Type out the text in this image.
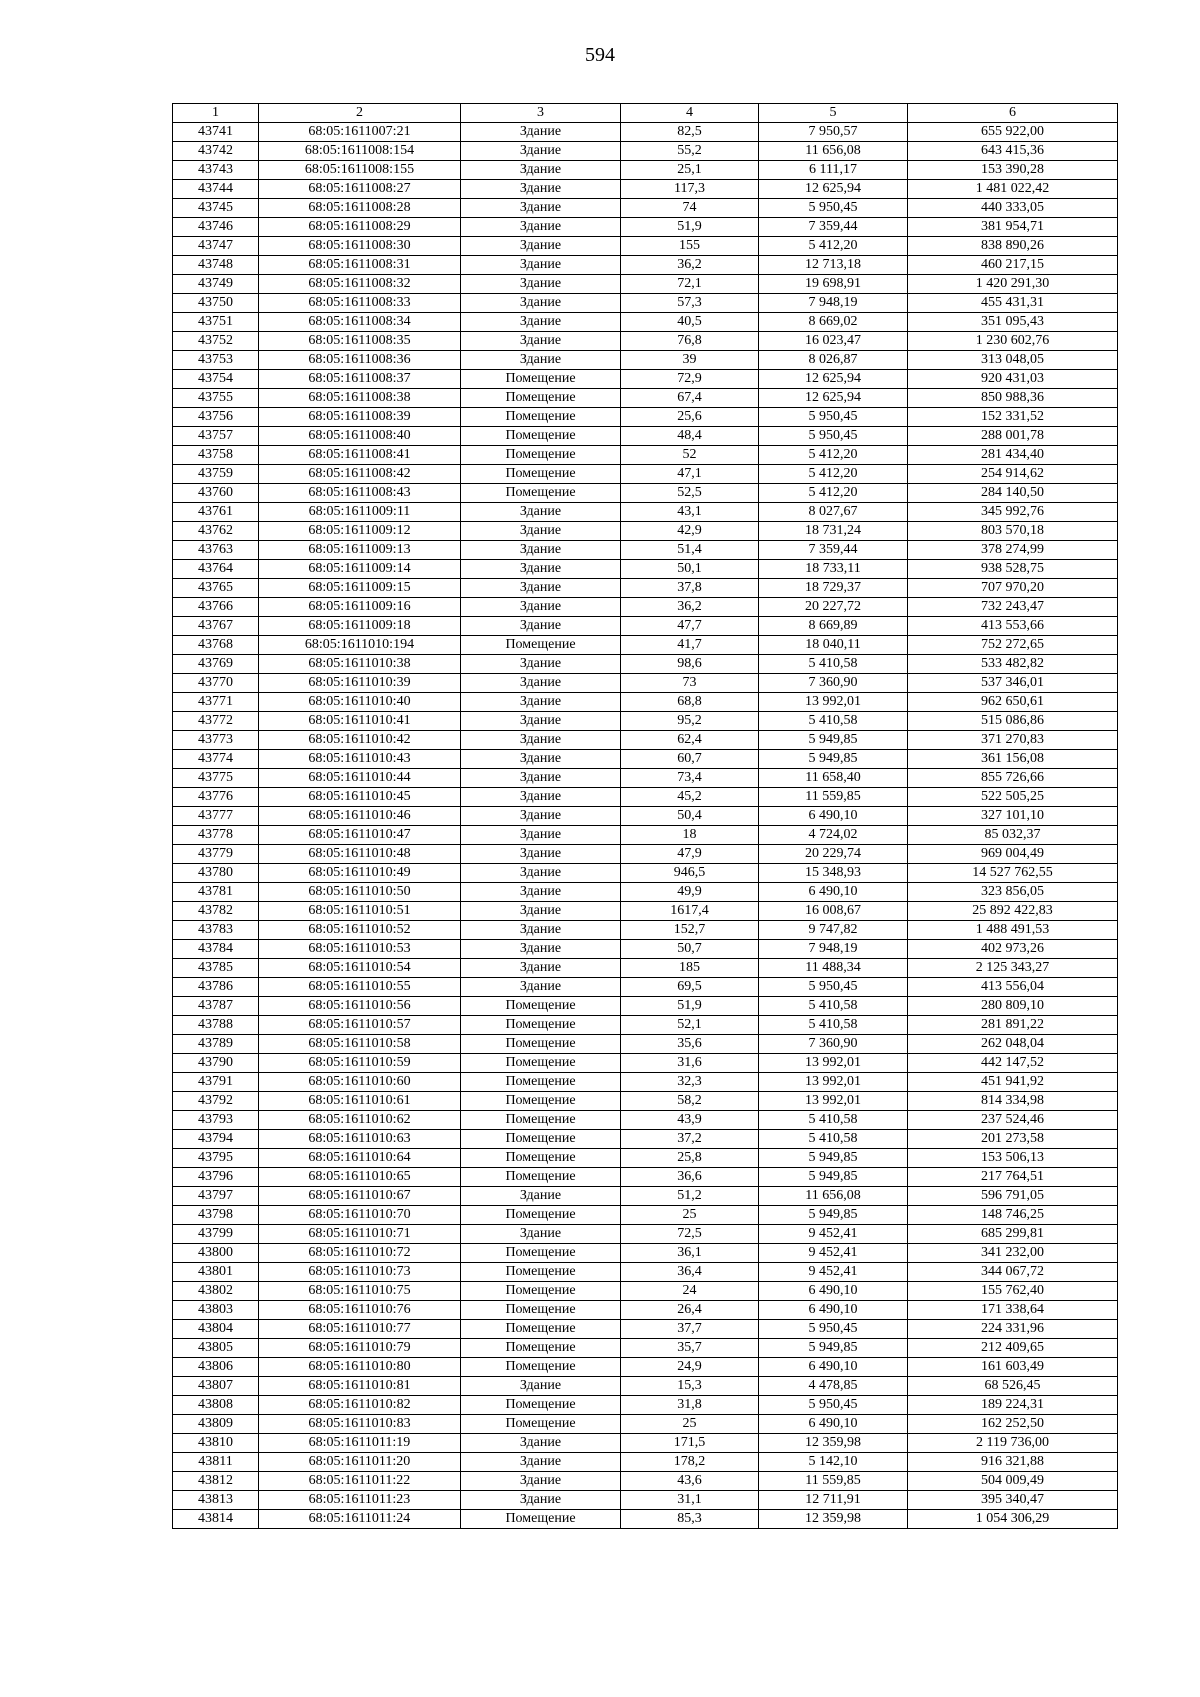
594
1	2	3	4	5	6
43741	68:05:1611007:21	Здание	82,5	7 950,57	655 922,00
43742	68:05:1611008:154	Здание	55,2	11 656,08	643 415,36
43743	68:05:1611008:155	Здание	25,1	6 111,17	153 390,28
43744	68:05:1611008:27	Здание	117,3	12 625,94	1 481 022,42
43745	68:05:1611008:28	Здание	74	5 950,45	440 333,05
43746	68:05:1611008:29	Здание	51,9	7 359,44	381 954,71
43747	68:05:1611008:30	Здание	155	5 412,20	838 890,26
43748	68:05:1611008:31	Здание	36,2	12 713,18	460 217,15
43749	68:05:1611008:32	Здание	72,1	19 698,91	1 420 291,30
43750	68:05:1611008:33	Здание	57,3	7 948,19	455 431,31
43751	68:05:1611008:34	Здание	40,5	8 669,02	351 095,43
43752	68:05:1611008:35	Здание	76,8	16 023,47	1 230 602,76
43753	68:05:1611008:36	Здание	39	8 026,87	313 048,05
43754	68:05:1611008:37	Помещение	72,9	12 625,94	920 431,03
43755	68:05:1611008:38	Помещение	67,4	12 625,94	850 988,36
43756	68:05:1611008:39	Помещение	25,6	5 950,45	152 331,52
43757	68:05:1611008:40	Помещение	48,4	5 950,45	288 001,78
43758	68:05:1611008:41	Помещение	52	5 412,20	281 434,40
43759	68:05:1611008:42	Помещение	47,1	5 412,20	254 914,62
43760	68:05:1611008:43	Помещение	52,5	5 412,20	284 140,50
43761	68:05:1611009:11	Здание	43,1	8 027,67	345 992,76
43762	68:05:1611009:12	Здание	42,9	18 731,24	803 570,18
43763	68:05:1611009:13	Здание	51,4	7 359,44	378 274,99
43764	68:05:1611009:14	Здание	50,1	18 733,11	938 528,75
43765	68:05:1611009:15	Здание	37,8	18 729,37	707 970,20
43766	68:05:1611009:16	Здание	36,2	20 227,72	732 243,47
43767	68:05:1611009:18	Здание	47,7	8 669,89	413 553,66
43768	68:05:1611010:194	Помещение	41,7	18 040,11	752 272,65
43769	68:05:1611010:38	Здание	98,6	5 410,58	533 482,82
43770	68:05:1611010:39	Здание	73	7 360,90	537 346,01
43771	68:05:1611010:40	Здание	68,8	13 992,01	962 650,61
43772	68:05:1611010:41	Здание	95,2	5 410,58	515 086,86
43773	68:05:1611010:42	Здание	62,4	5 949,85	371 270,83
43774	68:05:1611010:43	Здание	60,7	5 949,85	361 156,08
43775	68:05:1611010:44	Здание	73,4	11 658,40	855 726,66
43776	68:05:1611010:45	Здание	45,2	11 559,85	522 505,25
43777	68:05:1611010:46	Здание	50,4	6 490,10	327 101,10
43778	68:05:1611010:47	Здание	18	4 724,02	85 032,37
43779	68:05:1611010:48	Здание	47,9	20 229,74	969 004,49
43780	68:05:1611010:49	Здание	946,5	15 348,93	14 527 762,55
43781	68:05:1611010:50	Здание	49,9	6 490,10	323 856,05
43782	68:05:1611010:51	Здание	1617,4	16 008,67	25 892 422,83
43783	68:05:1611010:52	Здание	152,7	9 747,82	1 488 491,53
43784	68:05:1611010:53	Здание	50,7	7 948,19	402 973,26
43785	68:05:1611010:54	Здание	185	11 488,34	2 125 343,27
43786	68:05:1611010:55	Здание	69,5	5 950,45	413 556,04
43787	68:05:1611010:56	Помещение	51,9	5 410,58	280 809,10
43788	68:05:1611010:57	Помещение	52,1	5 410,58	281 891,22
43789	68:05:1611010:58	Помещение	35,6	7 360,90	262 048,04
43790	68:05:1611010:59	Помещение	31,6	13 992,01	442 147,52
43791	68:05:1611010:60	Помещение	32,3	13 992,01	451 941,92
43792	68:05:1611010:61	Помещение	58,2	13 992,01	814 334,98
43793	68:05:1611010:62	Помещение	43,9	5 410,58	237 524,46
43794	68:05:1611010:63	Помещение	37,2	5 410,58	201 273,58
43795	68:05:1611010:64	Помещение	25,8	5 949,85	153 506,13
43796	68:05:1611010:65	Помещение	36,6	5 949,85	217 764,51
43797	68:05:1611010:67	Здание	51,2	11 656,08	596 791,05
43798	68:05:1611010:70	Помещение	25	5 949,85	148 746,25
43799	68:05:1611010:71	Здание	72,5	9 452,41	685 299,81
43800	68:05:1611010:72	Помещение	36,1	9 452,41	341 232,00
43801	68:05:1611010:73	Помещение	36,4	9 452,41	344 067,72
43802	68:05:1611010:75	Помещение	24	6 490,10	155 762,40
43803	68:05:1611010:76	Помещение	26,4	6 490,10	171 338,64
43804	68:05:1611010:77	Помещение	37,7	5 950,45	224 331,96
43805	68:05:1611010:79	Помещение	35,7	5 949,85	212 409,65
43806	68:05:1611010:80	Помещение	24,9	6 490,10	161 603,49
43807	68:05:1611010:81	Здание	15,3	4 478,85	68 526,45
43808	68:05:1611010:82	Помещение	31,8	5 950,45	189 224,31
43809	68:05:1611010:83	Помещение	25	6 490,10	162 252,50
43810	68:05:1611011:19	Здание	171,5	12 359,98	2 119 736,00
43811	68:05:1611011:20	Здание	178,2	5 142,10	916 321,88
43812	68:05:1611011:22	Здание	43,6	11 559,85	504 009,49
43813	68:05:1611011:23	Здание	31,1	12 711,91	395 340,47
43814	68:05:1611011:24	Помещение	85,3	12 359,98	1 054 306,29
